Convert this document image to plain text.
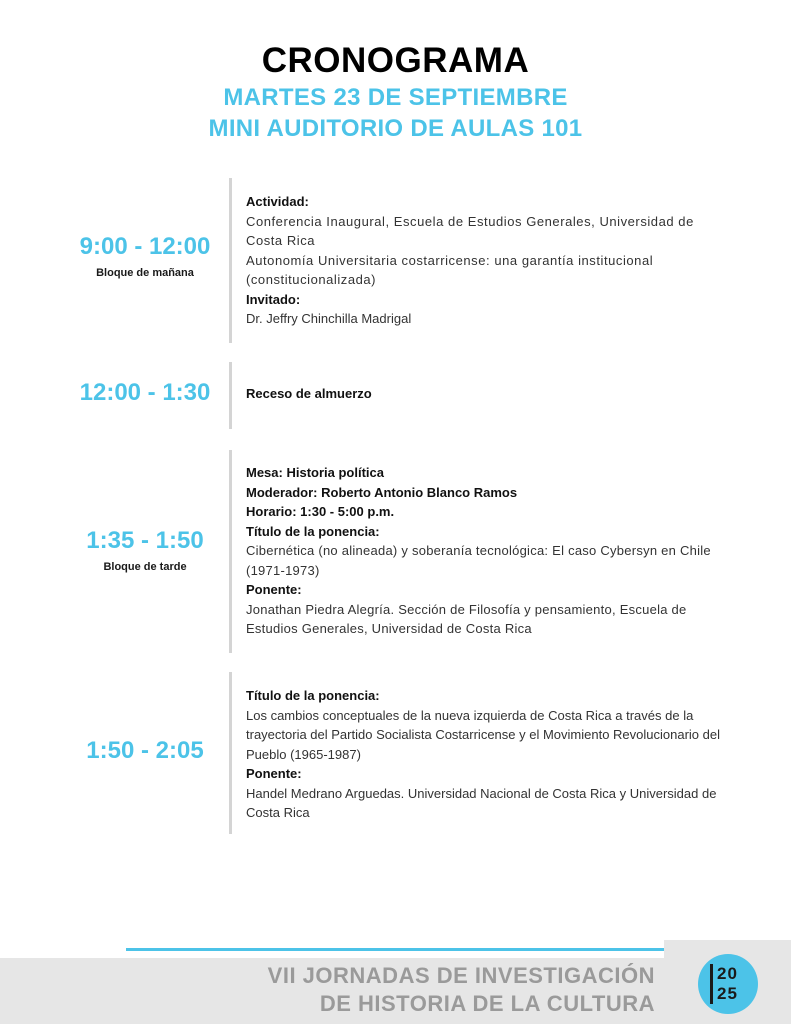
CRONOGRAMA
MARTES 23 DE SEPTIEMBRE
MINI AUDITORIO DE AULAS 101
9:00 - 12:00
Bloque de mañana
Actividad:
Conferencia Inaugural, Escuela de Estudios Generales, Universidad de Costa Rica
Autonomía Universitaria costarricense: una garantía institucional (constitucionalizada)
Invitado:
Dr. Jeffry Chinchilla Madrigal
12:00 - 1:30	Receso de almuerzo
1:35 - 1:50
Bloque de tarde
Mesa: Historia política
Moderador: Roberto Antonio Blanco Ramos
Horario: 1:30 - 5:00 p.m.
Título de la ponencia:
Cibernética (no alineada) y soberanía tecnológica: El caso Cybersyn en Chile (1971-1973)
Ponente:
Jonathan Piedra Alegría. Sección de Filosofía y pensamiento, Escuela de Estudios Generales, Universidad de Costa Rica
1:50 - 2:05
Título de la ponencia:
Los cambios conceptuales de la nueva izquierda de Costa Rica a través de la trayectoria del Partido Socialista Costarricense y el Movimiento Revolucionario del Pueblo (1965-1987)
Ponente:
Handel Medrano Arguedas. Universidad Nacional de Costa Rica y Universidad de Costa Rica
VII JORNADAS DE INVESTIGACIÓN
DE HISTORIA DE LA CULTURA
20
25
